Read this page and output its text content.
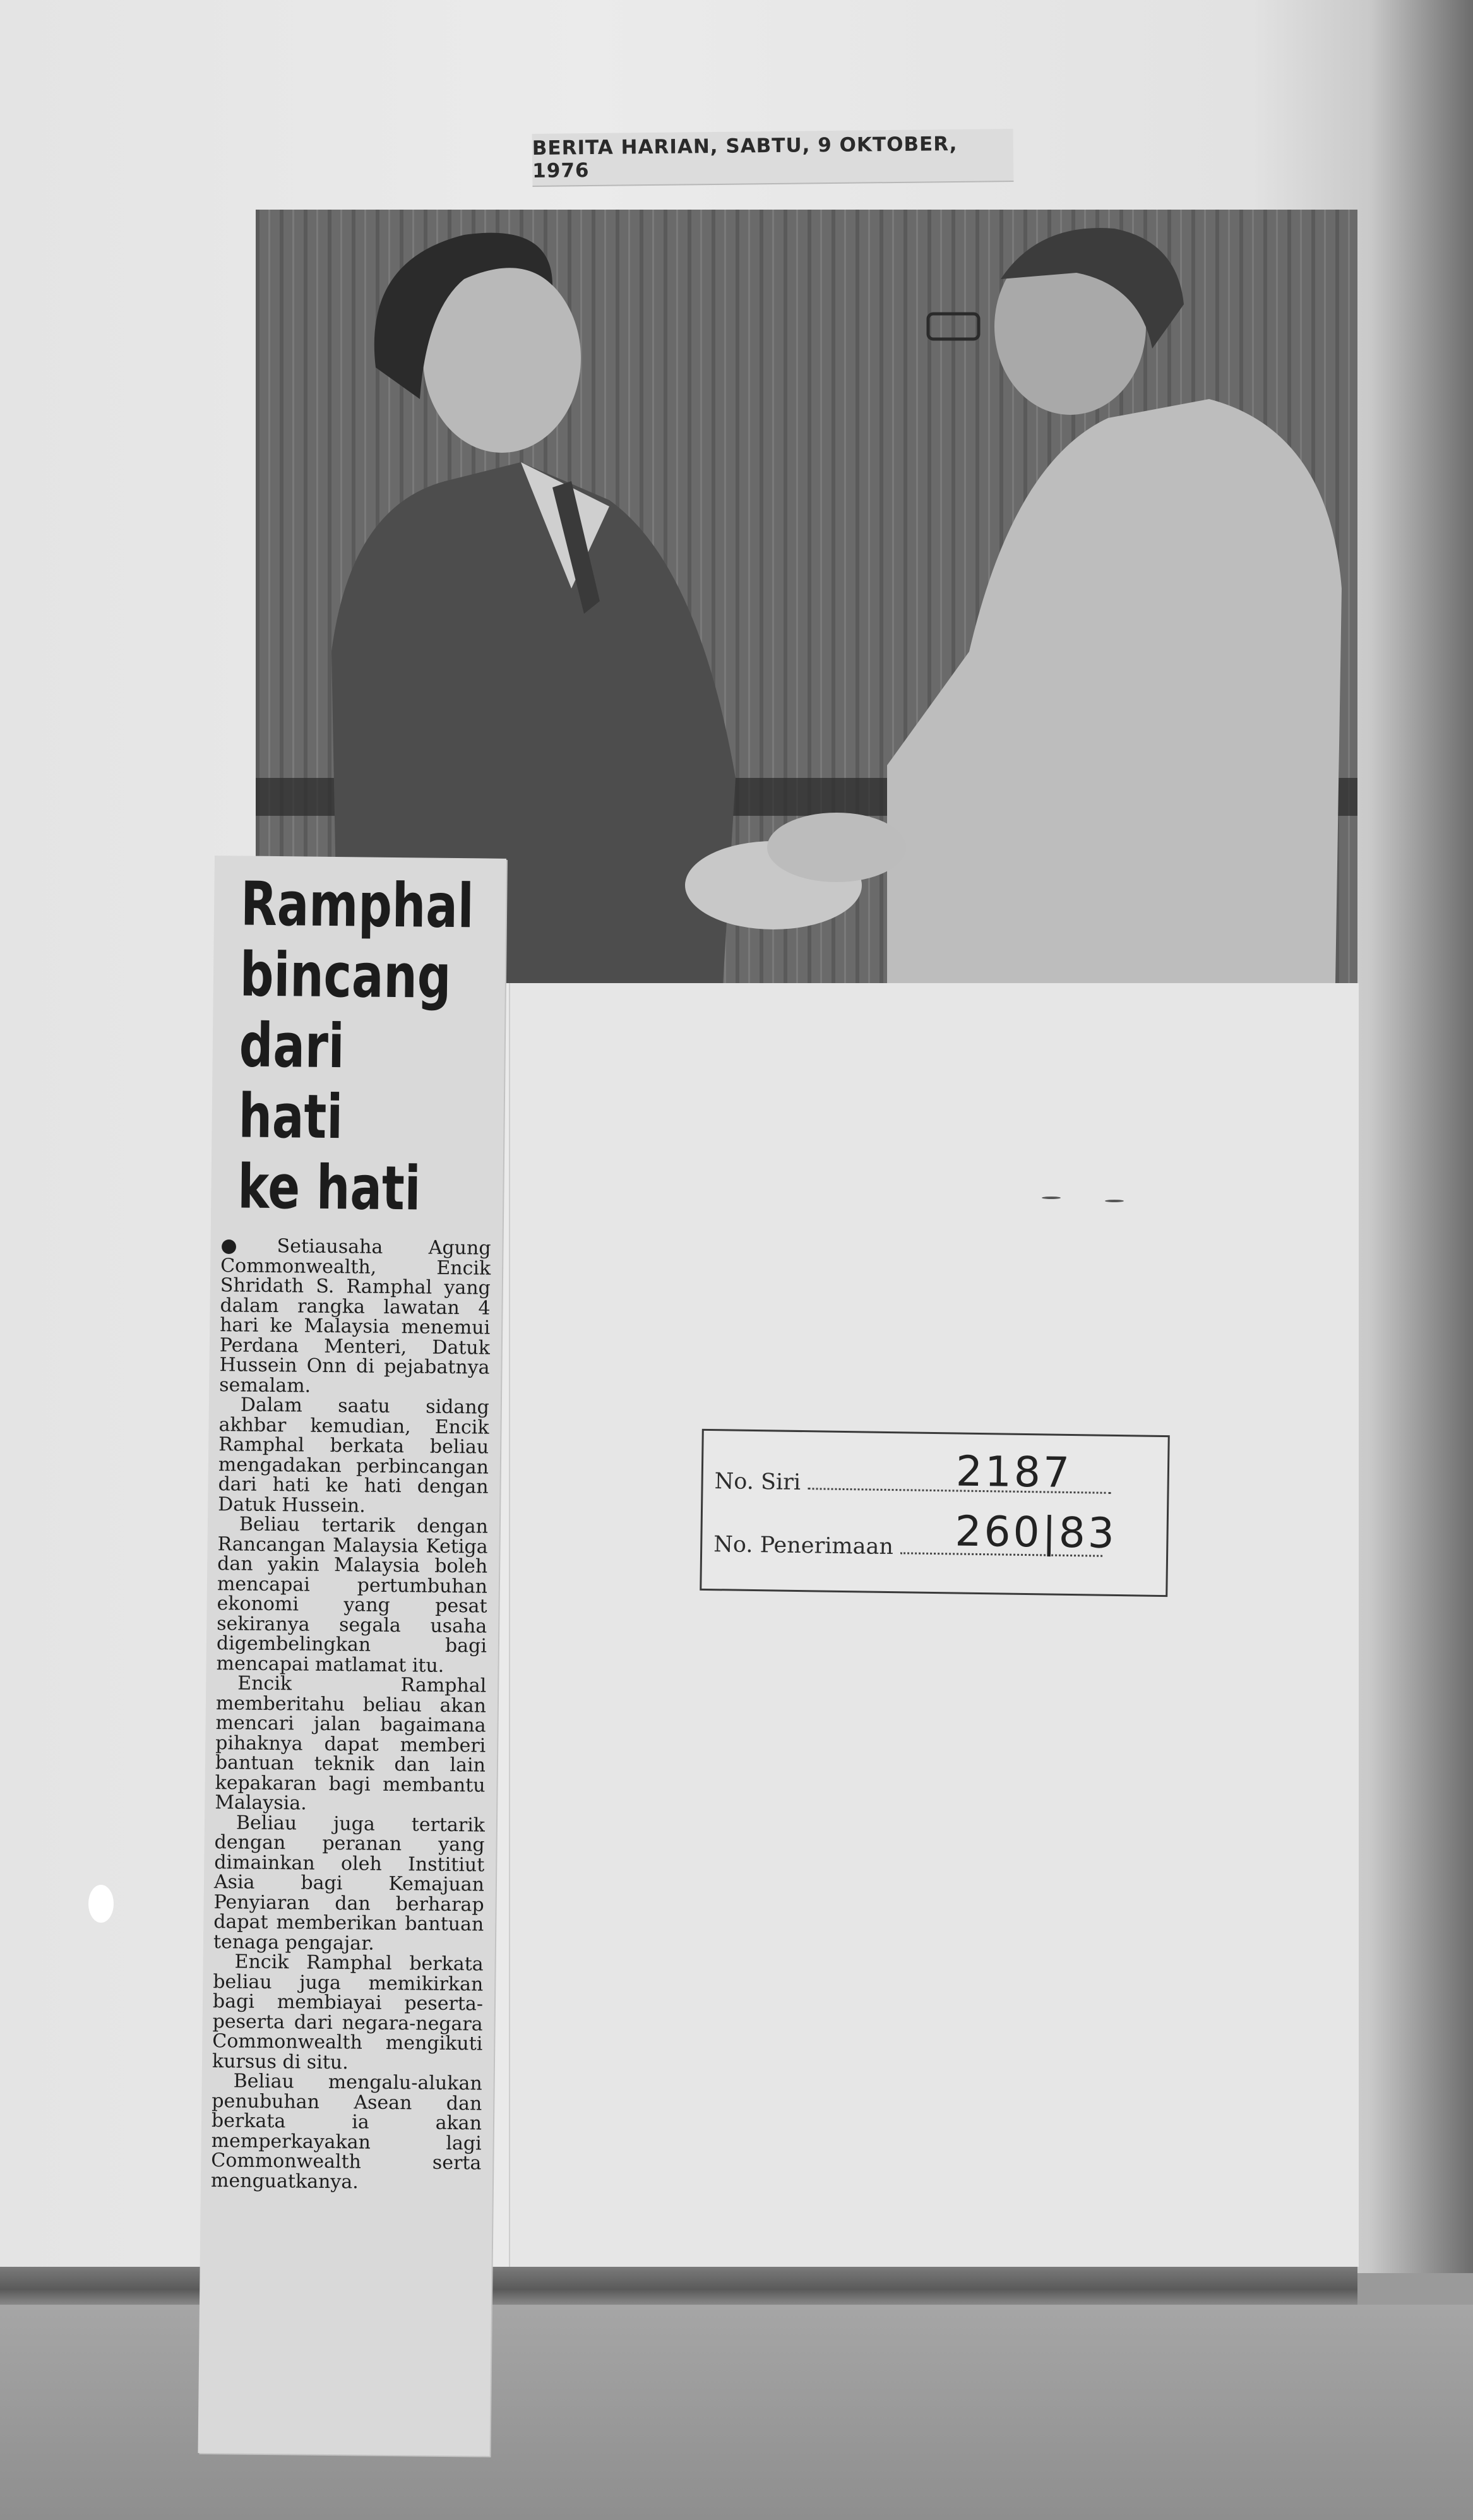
BERITA HARIAN, SABTU, 9 OKTOBER, 1976
Ramphal
bincang
dari
hati
ke hati

●Setiausaha Agung Commonwealth, Encik Shridath S. Ramphal yang dalam rangka lawatan 4 hari ke Malaysia menemui Perdana Menteri, Datuk Hussein Onn di pejabatnya semalam.

Dalam saatu sidang akhbar kemudian, Encik Ramphal berkata beliau mengadakan perbincangan dari hati ke hati dengan Datuk Hussein.

Beliau tertarik dengan Rancangan Malaysia Ketiga dan yakin Malaysia boleh mencapai pertumbuhan ekonomi yang pesat sekiranya segala usaha digembelingkan bagi mencapai matlamat itu.

Encik Ramphal memberitahu beliau akan mencari jalan bagaimana pihaknya dapat memberi bantuan teknik dan lain kepakaran bagi membantu Malaysia.

Beliau juga tertarik dengan peranan yang dimainkan oleh Institiut Asia bagi Kemajuan Penyiaran dan berharap dapat memberikan bantuan tenaga pengajar.

Encik Ramphal berkata beliau juga memikirkan bagi membiayai peserta-peserta dari negara-negara Commonwealth mengikuti kursus di situ.

Beliau mengalu-alukan penubuhan Asean dan berkata ia akan memperkayakan lagi Commonwealth serta menguatkanya.

No. Siri	2187
No. Penerimaan	260|83
